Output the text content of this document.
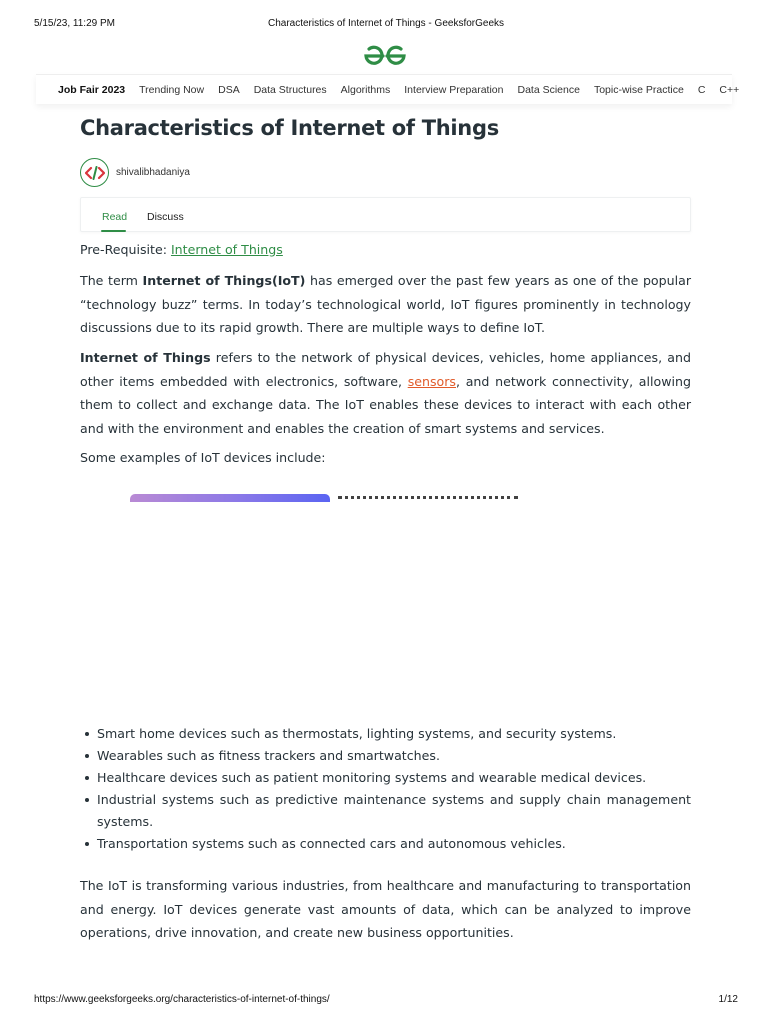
5/15/23, 11:29 PM	Characteristics of Internet of Things - GeeksforGeeks
Job Fair 2023 Trending Now DSA Data Structures Algorithms Interview Preparation Data Science Topic-wise Practice C C++
Characteristics of Internet of Things
shivalibhadaniya
Read Discuss

Pre-Requisite: Internet of Things

The term Internet of Things(IoT) has emerged over the past few years as one of the popular “technology buzz” terms. In today’s technological world, IoT figures prominently in technology discussions due to its rapid growth. There are multiple ways to define IoT.

Internet of Things refers to the network of physical devices, vehicles, home appliances, and other items embedded with electronics, software, sensors, and network connectivity, allowing them to collect and exchange data. The IoT enables these devices to interact with each other and with the environment and enables the creation of smart systems and services.

Some examples of IoT devices include:

Smart home devices such as thermostats, lighting systems, and security systems.
Wearables such as fitness trackers and smartwatches.
Healthcare devices such as patient monitoring systems and wearable medical devices.
Industrial systems such as predictive maintenance systems and supply chain management systems.
Transportation systems such as connected cars and autonomous vehicles.

The IoT is transforming various industries, from healthcare and manufacturing to transportation and energy. IoT devices generate vast amounts of data, which can be analyzed to improve operations, drive innovation, and create new business opportunities.

https://www.geeksforgeeks.org/characteristics-of-internet-of-things/	1/12
